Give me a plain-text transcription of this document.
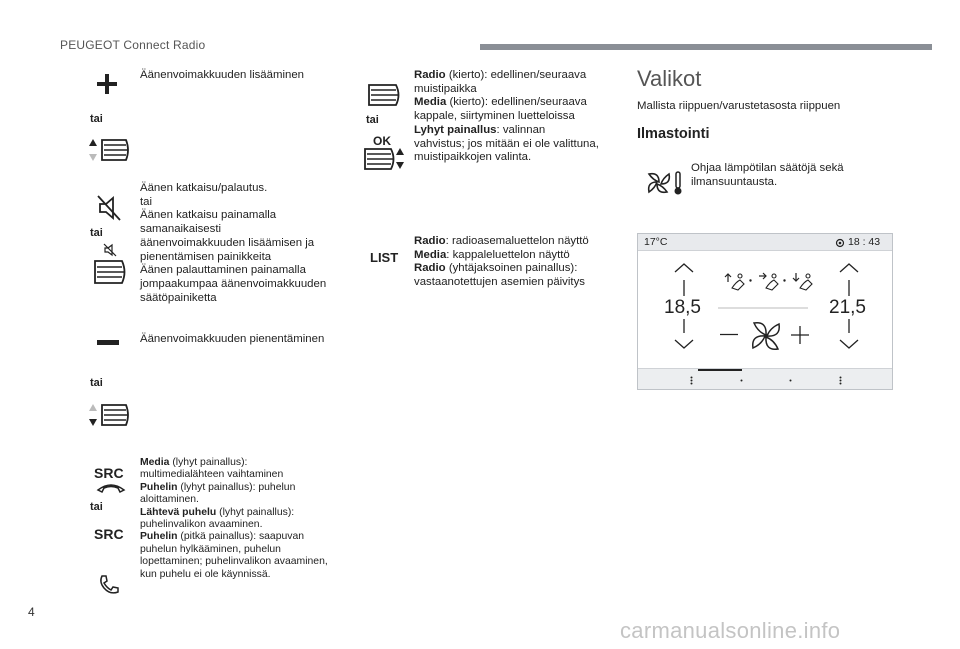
PEUGEOT Connect Radio
Äänenvoimakkuuden lisääminen
tai
Äänen katkaisu/palautus.
tai
Äänen katkaisu painamalla
samanaikaisesti
äänenvoimakkuuden lisäämisen ja
pienentämisen painikkeita
Äänen palauttaminen painamalla
jompaakumpaa äänenvoimakkuuden
säätöpainiketta
tai
Äänenvoimakkuuden pienentäminen
tai
SRC
tai
SRC
Media (lyhyt painallus):
multimedialähteen vaihtaminen
Puhelin (lyhyt painallus): puhelun
aloittaminen.
Lähtevä puhelu (lyhyt painallus):
puhelinvalikon avaaminen.
Puhelin (pitkä painallus): saapuvan
puhelun hylkääminen, puhelun
lopettaminen; puhelinvalikon avaaminen,
kun puhelu ei ole käynnissä.
tai
OK
Radio (kierto): edellinen/seuraava
muistipaikka
Media (kierto): edellinen/seuraava
kappale, siirtyminen luetteloissa
Lyhyt painallus: valinnan
vahvistus; jos mitään ei ole valittuna,
muistipaikkojen valinta.
LIST
Radio: radioasemaluettelon näyttö
Media: kappaleluettelon näyttö
Radio (yhtäjaksoinen painallus):
vastaanotettujen asemien päivitys
Valikot
Mallista riippuen/varustetasosta riippuen
Ilmastointi
Ohjaa lämpötilan säätöjä sekä
ilmansuuntausta.
17°C	18 : 43
18,5	21,5
4
carmanualsonline.info
